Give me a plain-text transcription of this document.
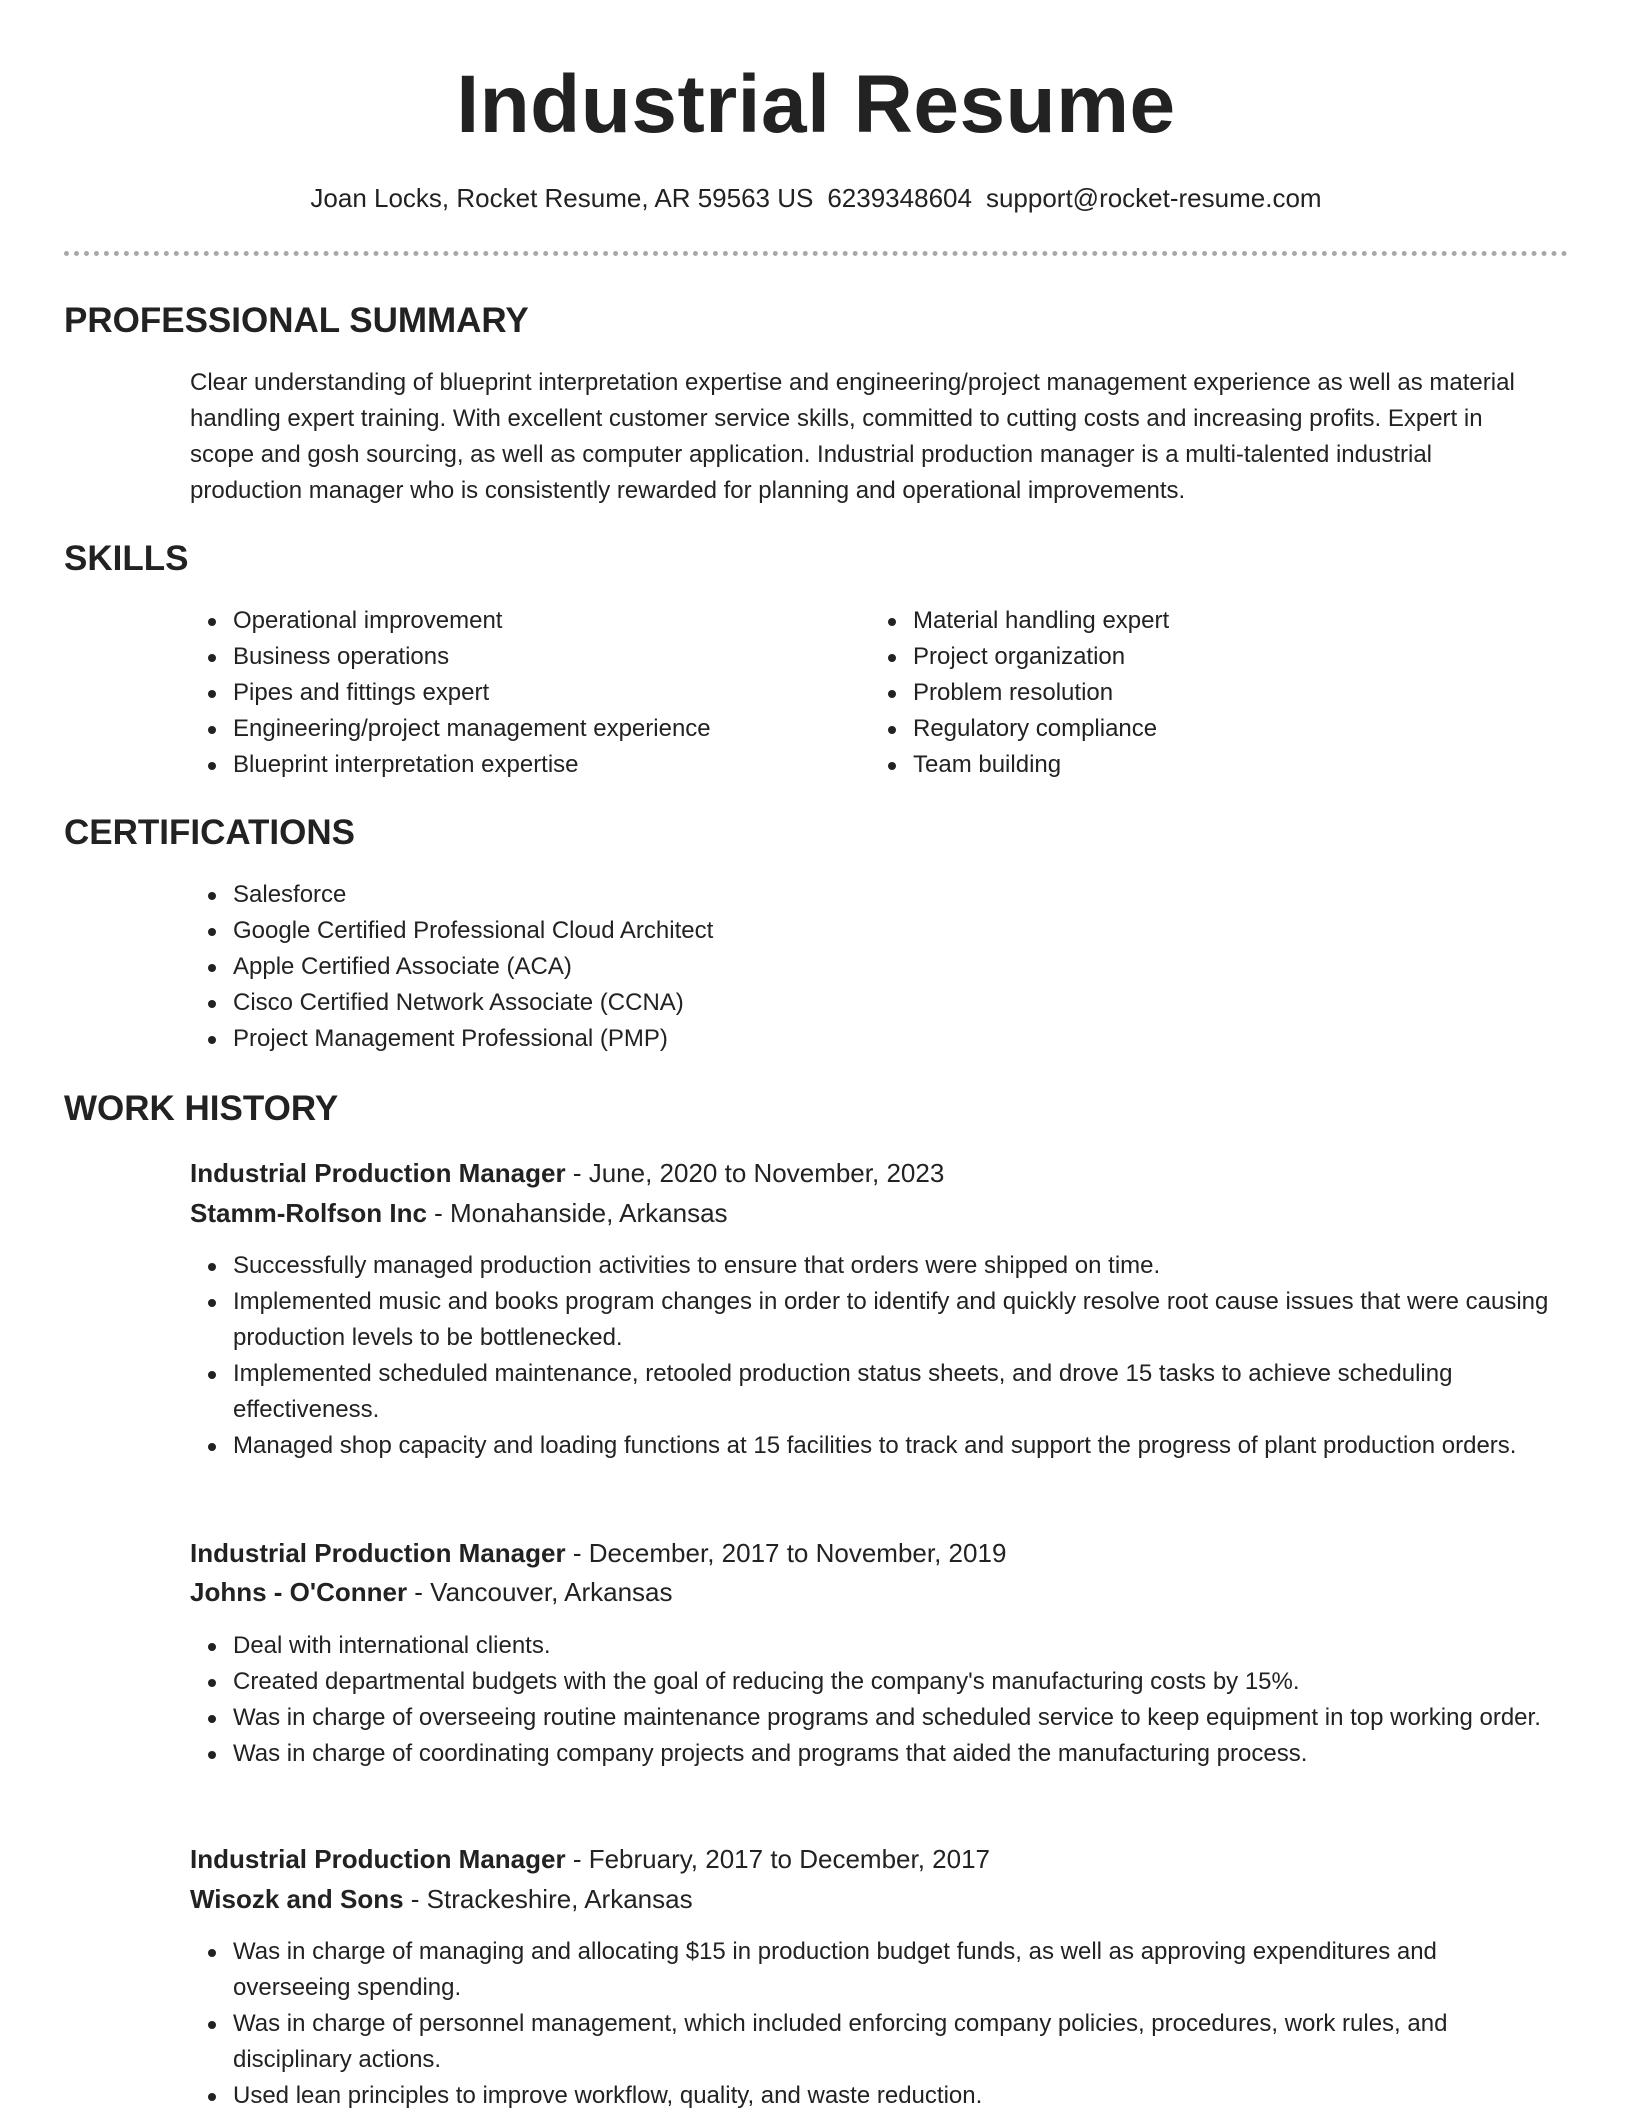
Industrial Resume
Joan Locks, Rocket Resume, AR 59563 US 6239348604 support@rocket-resume.com
PROFESSIONAL SUMMARY

Clear understanding of blueprint interpretation expertise and engineering/project management experience as well as material handling expert training. With excellent customer service skills, committed to cutting costs and increasing profits. Expert in scope and gosh sourcing, as well as computer application. Industrial production manager is a multi-talented industrial production manager who is consistently rewarded for planning and operational improvements.

SKILLS
Operational improvement
Business operations
Pipes and fittings expert
Engineering/project management experience
Blueprint interpretation expertise
Material handling expert
Project organization
Problem resolution
Regulatory compliance
Team building
CERTIFICATIONS
Salesforce
Google Certified Professional Cloud Architect
Apple Certified Associate (ACA)
Cisco Certified Network Associate (CCNA)
Project Management Professional (PMP)
WORK HISTORY
Industrial Production Manager - June, 2020 to November, 2023
Stamm-Rolfson Inc - Monahanside, Arkansas
Successfully managed production activities to ensure that orders were shipped on time.
Implemented music and books program changes in order to identify and quickly resolve root cause issues that were causing production levels to be bottlenecked.
Implemented scheduled maintenance, retooled production status sheets, and drove 15 tasks to achieve scheduling effectiveness.
Managed shop capacity and loading functions at 15 facilities to track and support the progress of plant production orders.
Industrial Production Manager - December, 2017 to November, 2019
Johns - O'Conner - Vancouver, Arkansas
Deal with international clients.
Created departmental budgets with the goal of reducing the company's manufacturing costs by 15%.
Was in charge of overseeing routine maintenance programs and scheduled service to keep equipment in top working order.
Was in charge of coordinating company projects and programs that aided the manufacturing process.
Industrial Production Manager - February, 2017 to December, 2017
Wisozk and Sons - Strackeshire, Arkansas
Was in charge of managing and allocating $15 in production budget funds, as well as approving expenditures and overseeing spending.
Was in charge of personnel management, which included enforcing company policies, procedures, work rules, and disciplinary actions.
Used lean principles to improve workflow, quality, and waste reduction.
